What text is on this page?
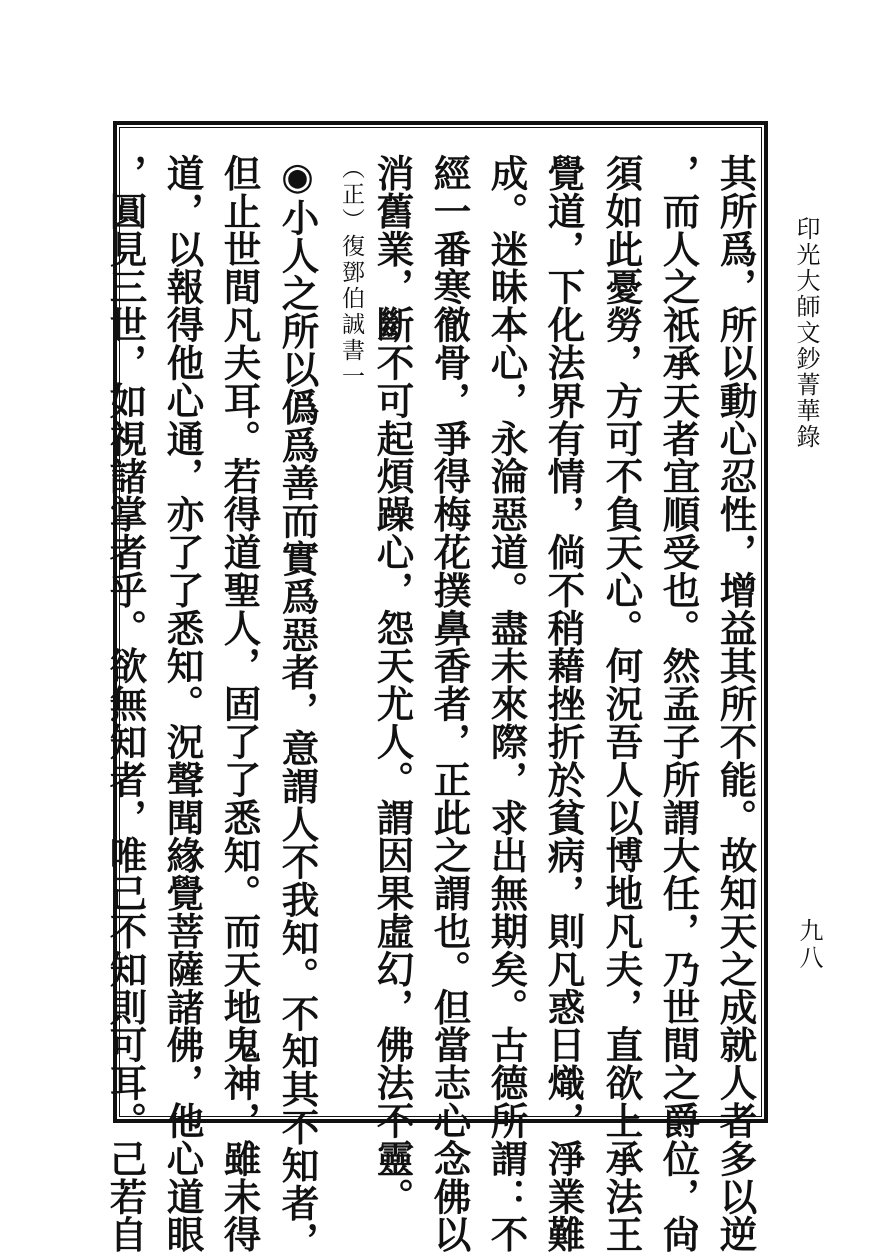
印光大師文鈔菁華錄
九八
其所爲，所以動心忍性，增益其所不能。故知天之成就人者多以逆
，而人之祇承天者宜順受也。然孟子所謂大任，乃世間之爵位，尙
須如此憂勞，方可不負天心。何況吾人以博地凡夫，直欲上承法王
覺道，下化法界有情，倘不稍藉挫折於貧病，則凡惑日熾，淨業難
成。迷昧本心，永淪惡道。盡未來際，求出無期矣。古德所謂：不
經一番寒徹骨，爭得梅花撲鼻香者，正此之謂也。但當志心念佛以
消舊業，斷不可起煩躁心，怨天尤人。謂因果虛幻，佛法不靈。
（正）復鄧伯誠書一
◉小人之所以僞爲善而實爲惡者，意謂人不我知。不知其不知者，
但止世間凡夫耳。若得道聖人，固了了悉知。而天地鬼神，雖未得
道，以報得他心通，亦了了悉知。況聲聞緣覺菩薩諸佛，他心道眼
，圓見三世，如視諸掌者乎。欲無知者，唯己不知則可耳。己若自
